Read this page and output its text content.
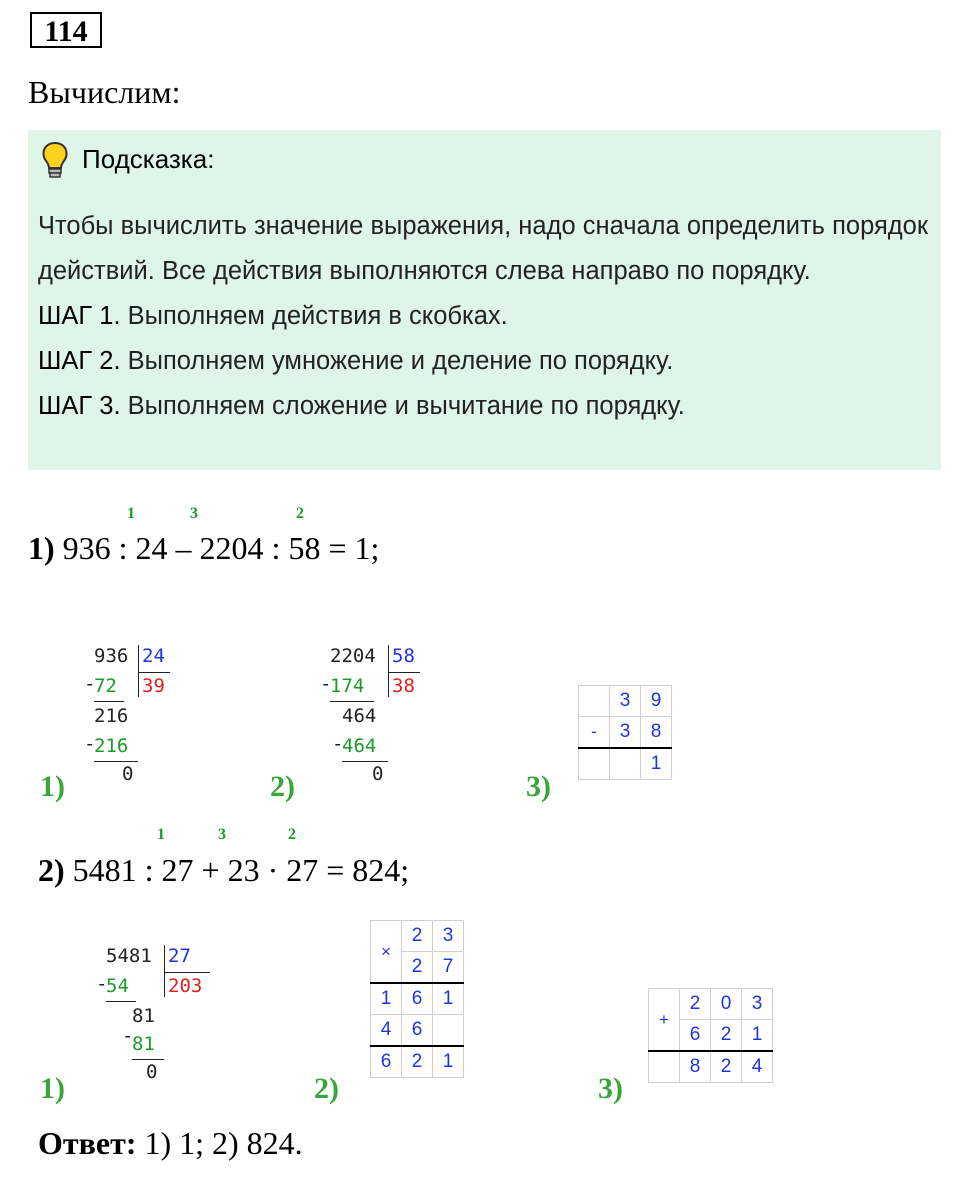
114
Вычислим:
Подсказка:
Чтобы вычислить значение выражения, надо сначала определить порядок действий. Все действия выполняются слева направо по порядку.
ШАГ 1. Выполняем действия в скобках.
ШАГ 2. Выполняем умножение и деление по порядку.
ШАГ 3. Выполняем сложение и вычитание по порядку.
1	3	2
1) 936 : 24 – 2204 : 58 = 1;
936 24
-
72 39
216
-
216
0
1)
2204 58
-
174 38
464
-
464
0
2)
	3	9
-	3	8
		1
3)
1	3	2
2) 5481 : 27 + 23 · 27 = 824;
5481 27
-
54 203
81
-
81
0
1)
×	2	3
	2	7
1	6	1
4	6	
6	2	1
2)
+	2	0	3
	6	2	1
	8	2	4
3)
Ответ: 1) 1; 2) 824.
